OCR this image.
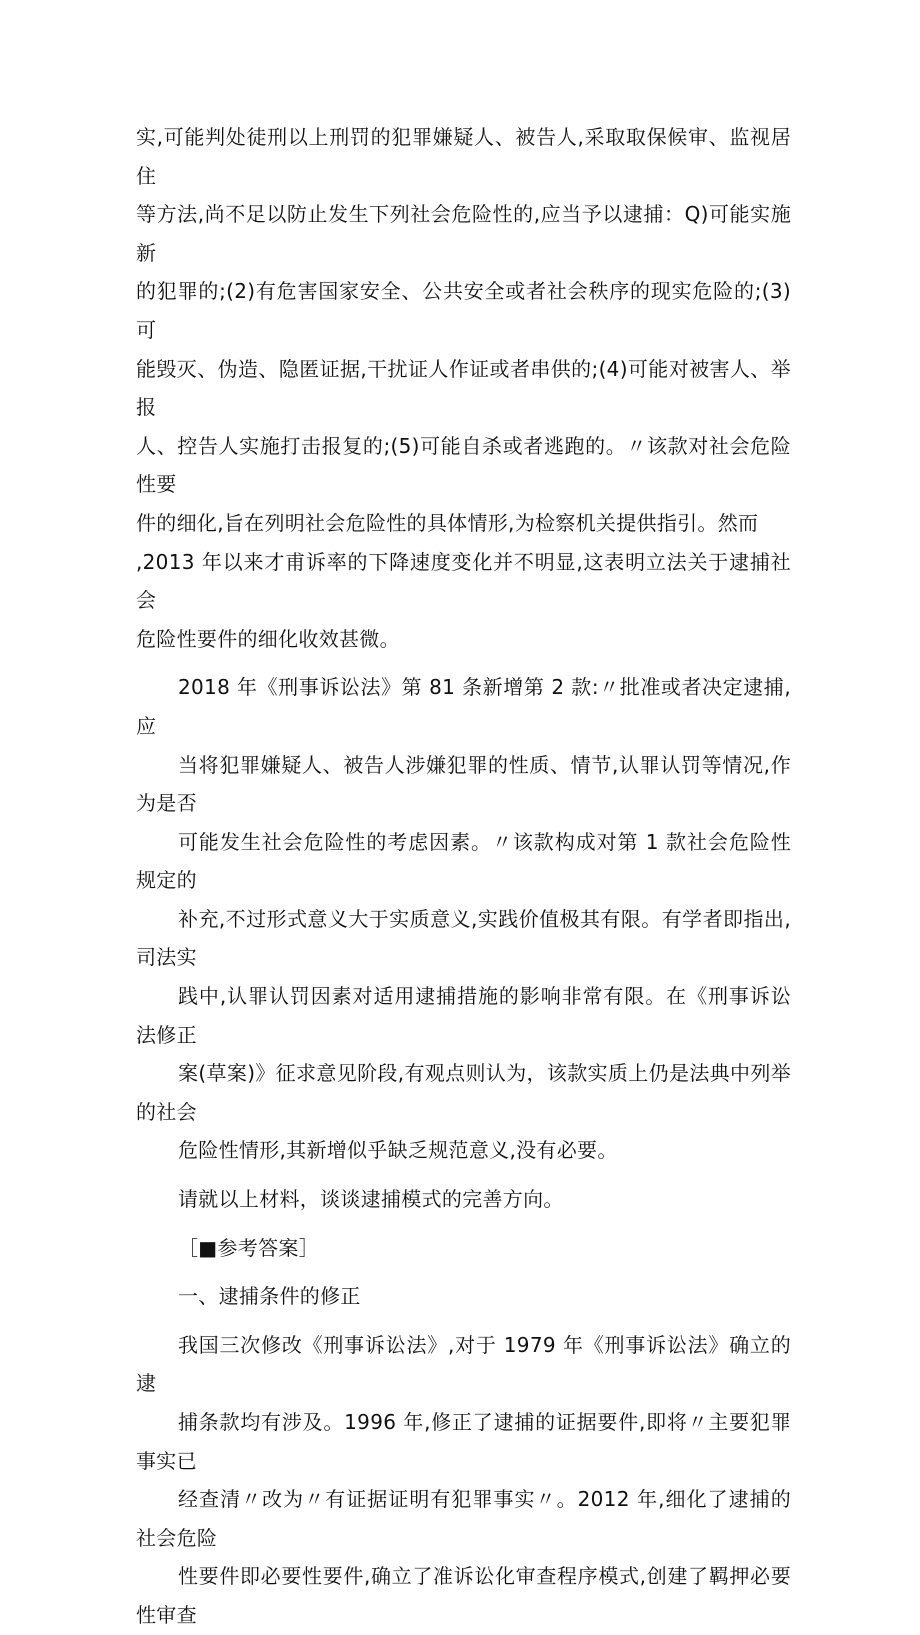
实,可能判处徒刑以上刑罚的犯罪嫌疑人、被告人,采取取保候审、监视居住
等方法,尚不足以防止发生下列社会危险性的,应当予以逮捕：Q)可能实施新
的犯罪的;(2)有危害国家安全、公共安全或者社会秩序的现实危险的;(3)可
能毁灭、伪造、隐匿证据,干扰证人作证或者串供的;(4)可能对被害人、举报
人、控告人实施打击报复的;(5)可能自杀或者逃跑的。〃该款对社会危险性要
件的细化,旨在列明社会危险性的具体情形,为检察机关提供指引。然而
,2013 年以来才甫诉率的下降速度变化并不明显,这表明立法关于逮捕社会
危险性要件的细化收效甚微。

2018 年《刑事诉讼法》第 81 条新增第 2 款:〃批准或者决定逮捕,应
当将犯罪嫌疑人、被告人涉嫌犯罪的性质、情节,认罪认罚等情况,作为是否
可能发生社会危险性的考虑因素。〃该款构成对第 1 款社会危险性规定的
补充,不过形式意义大于实质意义,实践价值极其有限。有学者即指出,司法实
践中,认罪认罚因素对适用逮捕措施的影响非常有限。在《刑事诉讼法修正
案(草案)》征求意见阶段,有观点则认为，该款实质上仍是法典中列举的社会
危险性情形,其新增似乎缺乏规范意义,没有必要。

请就以上材料，谈谈逮捕模式的完善方向。

［■参考答案］

一、逮捕条件的修正

我国三次修改《刑事诉讼法》,对于 1979 年《刑事诉讼法》确立的逮
捕条款均有涉及。1996 年,修正了逮捕的证据要件,即将〃主要犯罪事实已
经查清〃改为〃有证据证明有犯罪事实〃。2012 年,细化了逮捕的社会危险
性要件即必要性要件,确立了准诉讼化审查程序模式,创建了羁押必要性审查
